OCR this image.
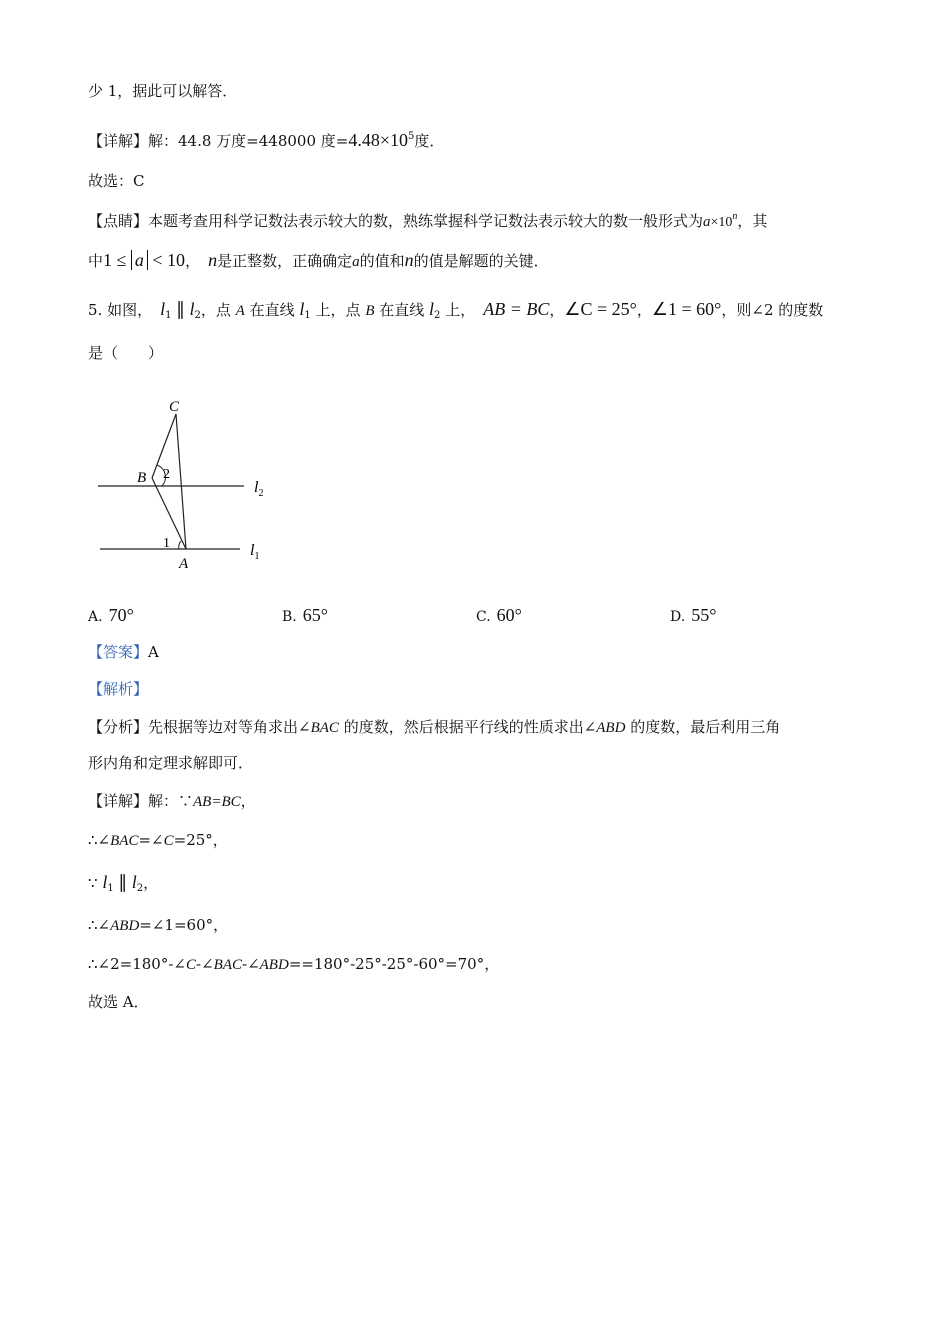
少 1，据此可以解答．
【详解】解：44.8 万度=448000 度$=4.48\times 10^5$度．
故选：C
【点睛】本题考查用科学记数法表示较大的数，熟练掌握科学记数法表示较大的数一般形式为$a\times 10^n$，其
中1 ≤ a < 10， n是正整数，正确确定a的值和n的值是解题的关键．
5. 如图， $l_1$ ∥ $l_2$，点 A 在直线 $l_1$ 上，点 B 在直线 $l_2$ 上， AB = BC，∠C = 25°，∠1 = 60°，则∠2 的度数
是（　　）
C
B 2
1
A
$l_2$
$l_1$
A. 70°	B. 65°	C. 60°	D. 55°
【答案】A
【解析】
【分析】先根据等边对等角求出∠BAC 的度数，然后根据平行线的性质求出∠ABD 的度数，最后利用三角
形内角和定理求解即可．
【详解】解：∵AB=BC，
∴∠BAC=∠C=25°，
∵ $l_1$ ∥ $l_2$，
∴∠ABD=∠1=60°，
∴∠2=180°-∠C-∠BAC-∠ABD==180°-25°-25°-60°=70°，
故选 A．
